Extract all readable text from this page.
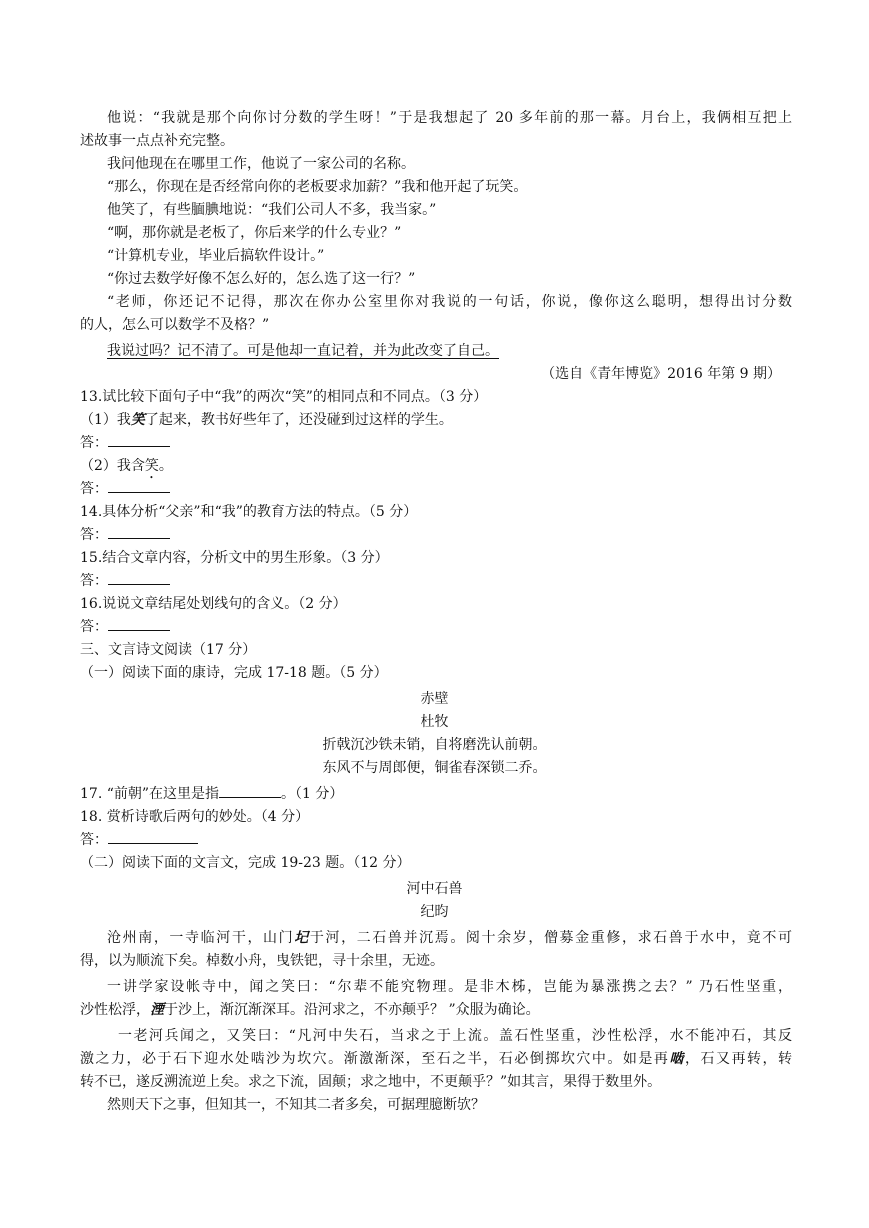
他说：“我就是那个向你讨分数的学生呀！”于是我想起了 20 多年前的那一幕。月台上，我俩相互把上
述故事一点点补充完整。
我问他现在在哪里工作，他说了一家公司的名称。
“那么，你现在是否经常向你的老板要求加薪？”我和他开起了玩笑。
他笑了，有些腼腆地说：“我们公司人不多，我当家。”
“啊，那你就是老板了，你后来学的什么专业？”
“计算机专业，毕业后搞软件设计。”
“你过去数学好像不怎么好的，怎么选了这一行？”
“老师，你还记不记得，那次在你办公室里你对我说的一句话，你说，像你这么聪明，想得出讨分数
的人，怎么可以数学不及格？”
我说过吗？记不清了。可是他却一直记着，并为此改变了自己。
（选自《青年博览》2016 年第 9 期）
13.试比较下面句子中“我”的两次“笑”的相同点和不同点。（3 分）
（1）我笑了起来，教书好些年了，还没碰到过这样的学生。
答：
（2）我含笑。
答：
14.具体分析“父亲”和“我”的教育方法的特点。（5 分）
答：
15.结合文章内容，分析文中的男生形象。（3 分）
答：
16.说说文章结尾处划线句的含义。（2 分）
答：
三、文言诗文阅读（17 分）
（一）阅读下面的康诗，完成 17-18 题。（5 分）
赤壁
杜牧
折戟沉沙铁未销，自将磨洗认前朝。
东风不与周郎便，铜雀春深锁二乔。
17. “前朝”在这里是指	。（1 分）
18. 赏析诗歌后两句的妙处。（4 分）
答：
（二）阅读下面的文言文，完成 19-23 题。（12 分）
河中石兽
纪昀
沧州南，一寺临河干，山门圮于河，二石兽并沉焉。阅十余岁，僧募金重修，求石兽于水中，竟不可
得，以为顺流下矣。棹数小舟，曳铁钯，寻十余里，无迹。
一讲学家设帐寺中，闻之笑曰：“尔辈不能究物理。是非木柹，岂能为暴涨携之去？” 乃石性坚重，
沙性松浮，湮于沙上，渐沉渐深耳。沿河求之，不亦颠乎？ ”众服为确论。
一老河兵闻之，又笑曰：“凡河中失石，当求之于上流。盖石性坚重，沙性松浮，水不能冲石，其反
激之力，必于石下迎水处啮沙为坎穴。渐激渐深，至石之半，石必倒掷坎穴中。如是再啮，石又再转，转
转不已，遂反溯流逆上矣。求之下流，固颠；求之地中，不更颠乎？”如其言，果得于数里外。
然则天下之事，但知其一，不知其二者多矣，可据理臆断欤？
